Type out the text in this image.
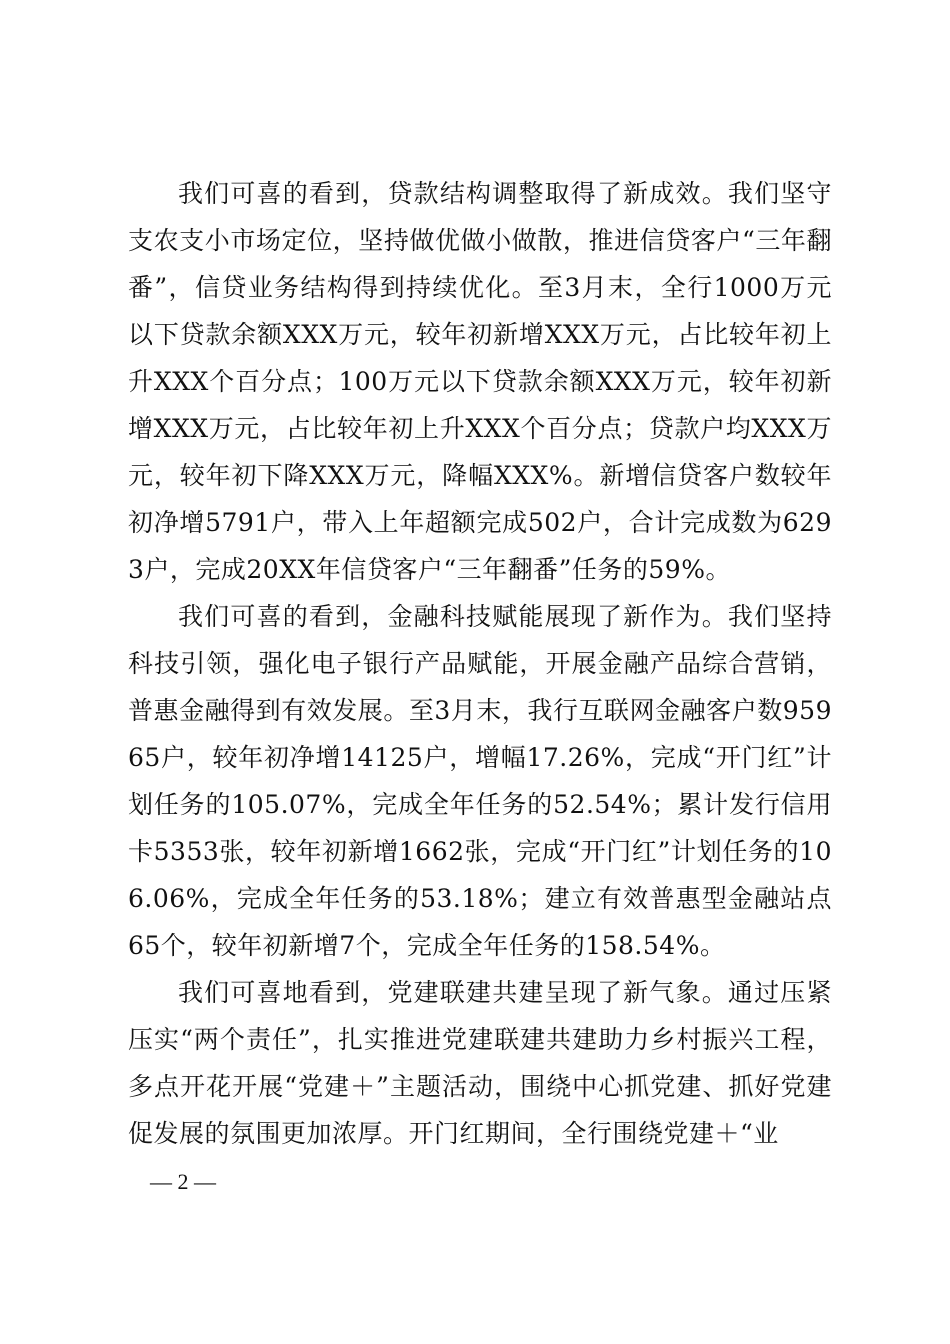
我们可喜的看到，贷款结构调整取得了新成效。我们坚守支农支小市场定位，坚持做优做小做散，推进信贷客户“三年翻番”，信贷业务结构得到持续优化。至3月末，全行1000万元以下贷款余额XXX万元，较年初新增XXX万元，占比较年初上升XXX个百分点；100万元以下贷款余额XXX万元，较年初新增XXX万元，占比较年初上升XXX个百分点；贷款户均XXX万元，较年初下降XXX万元，降幅XXX%。新增信贷客户数较年初净增5791户，带入上年超额完成502户，合计完成数为6293户，完成20XX年信贷客户“三年翻番”任务的59%。

我们可喜的看到，金融科技赋能展现了新作为。我们坚持科技引领，强化电子银行产品赋能，开展金融产品综合营销，普惠金融得到有效发展。至3月末，我行互联网金融客户数95965户，较年初净增14125户，增幅17.26%，完成“开门红”计划任务的105.07%，完成全年任务的52.54%；累计发行信用卡5353张，较年初新增1662张，完成“开门红”计划任务的106.06%，完成全年任务的53.18%；建立有效普惠型金融站点65个，较年初新增7个，完成全年任务的158.54%。

我们可喜地看到，党建联建共建呈现了新气象。通过压紧压实“两个责任”，扎实推进党建联建共建助力乡村振兴工程，多点开花开展“党建＋”主题活动，围绕中心抓党建、抓好党建促发展的氛围更加浓厚。开门红期间，全行围绕党建＋“业

— 2 —
